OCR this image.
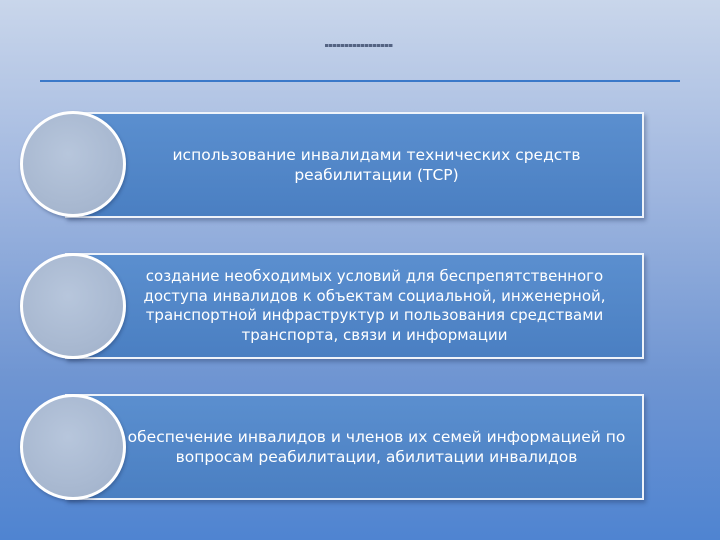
использование инвалидами технических средств реабилитации (ТСР)
создание необходимых условий для беспрепятственного доступа инвалидов к объектам социальной, инженерной, транспортной инфраструктур и пользования средствами транспорта, связи и информации
обеспечение инвалидов и членов их семей информацией по вопросам реабилитации, абилитации инвалидов
